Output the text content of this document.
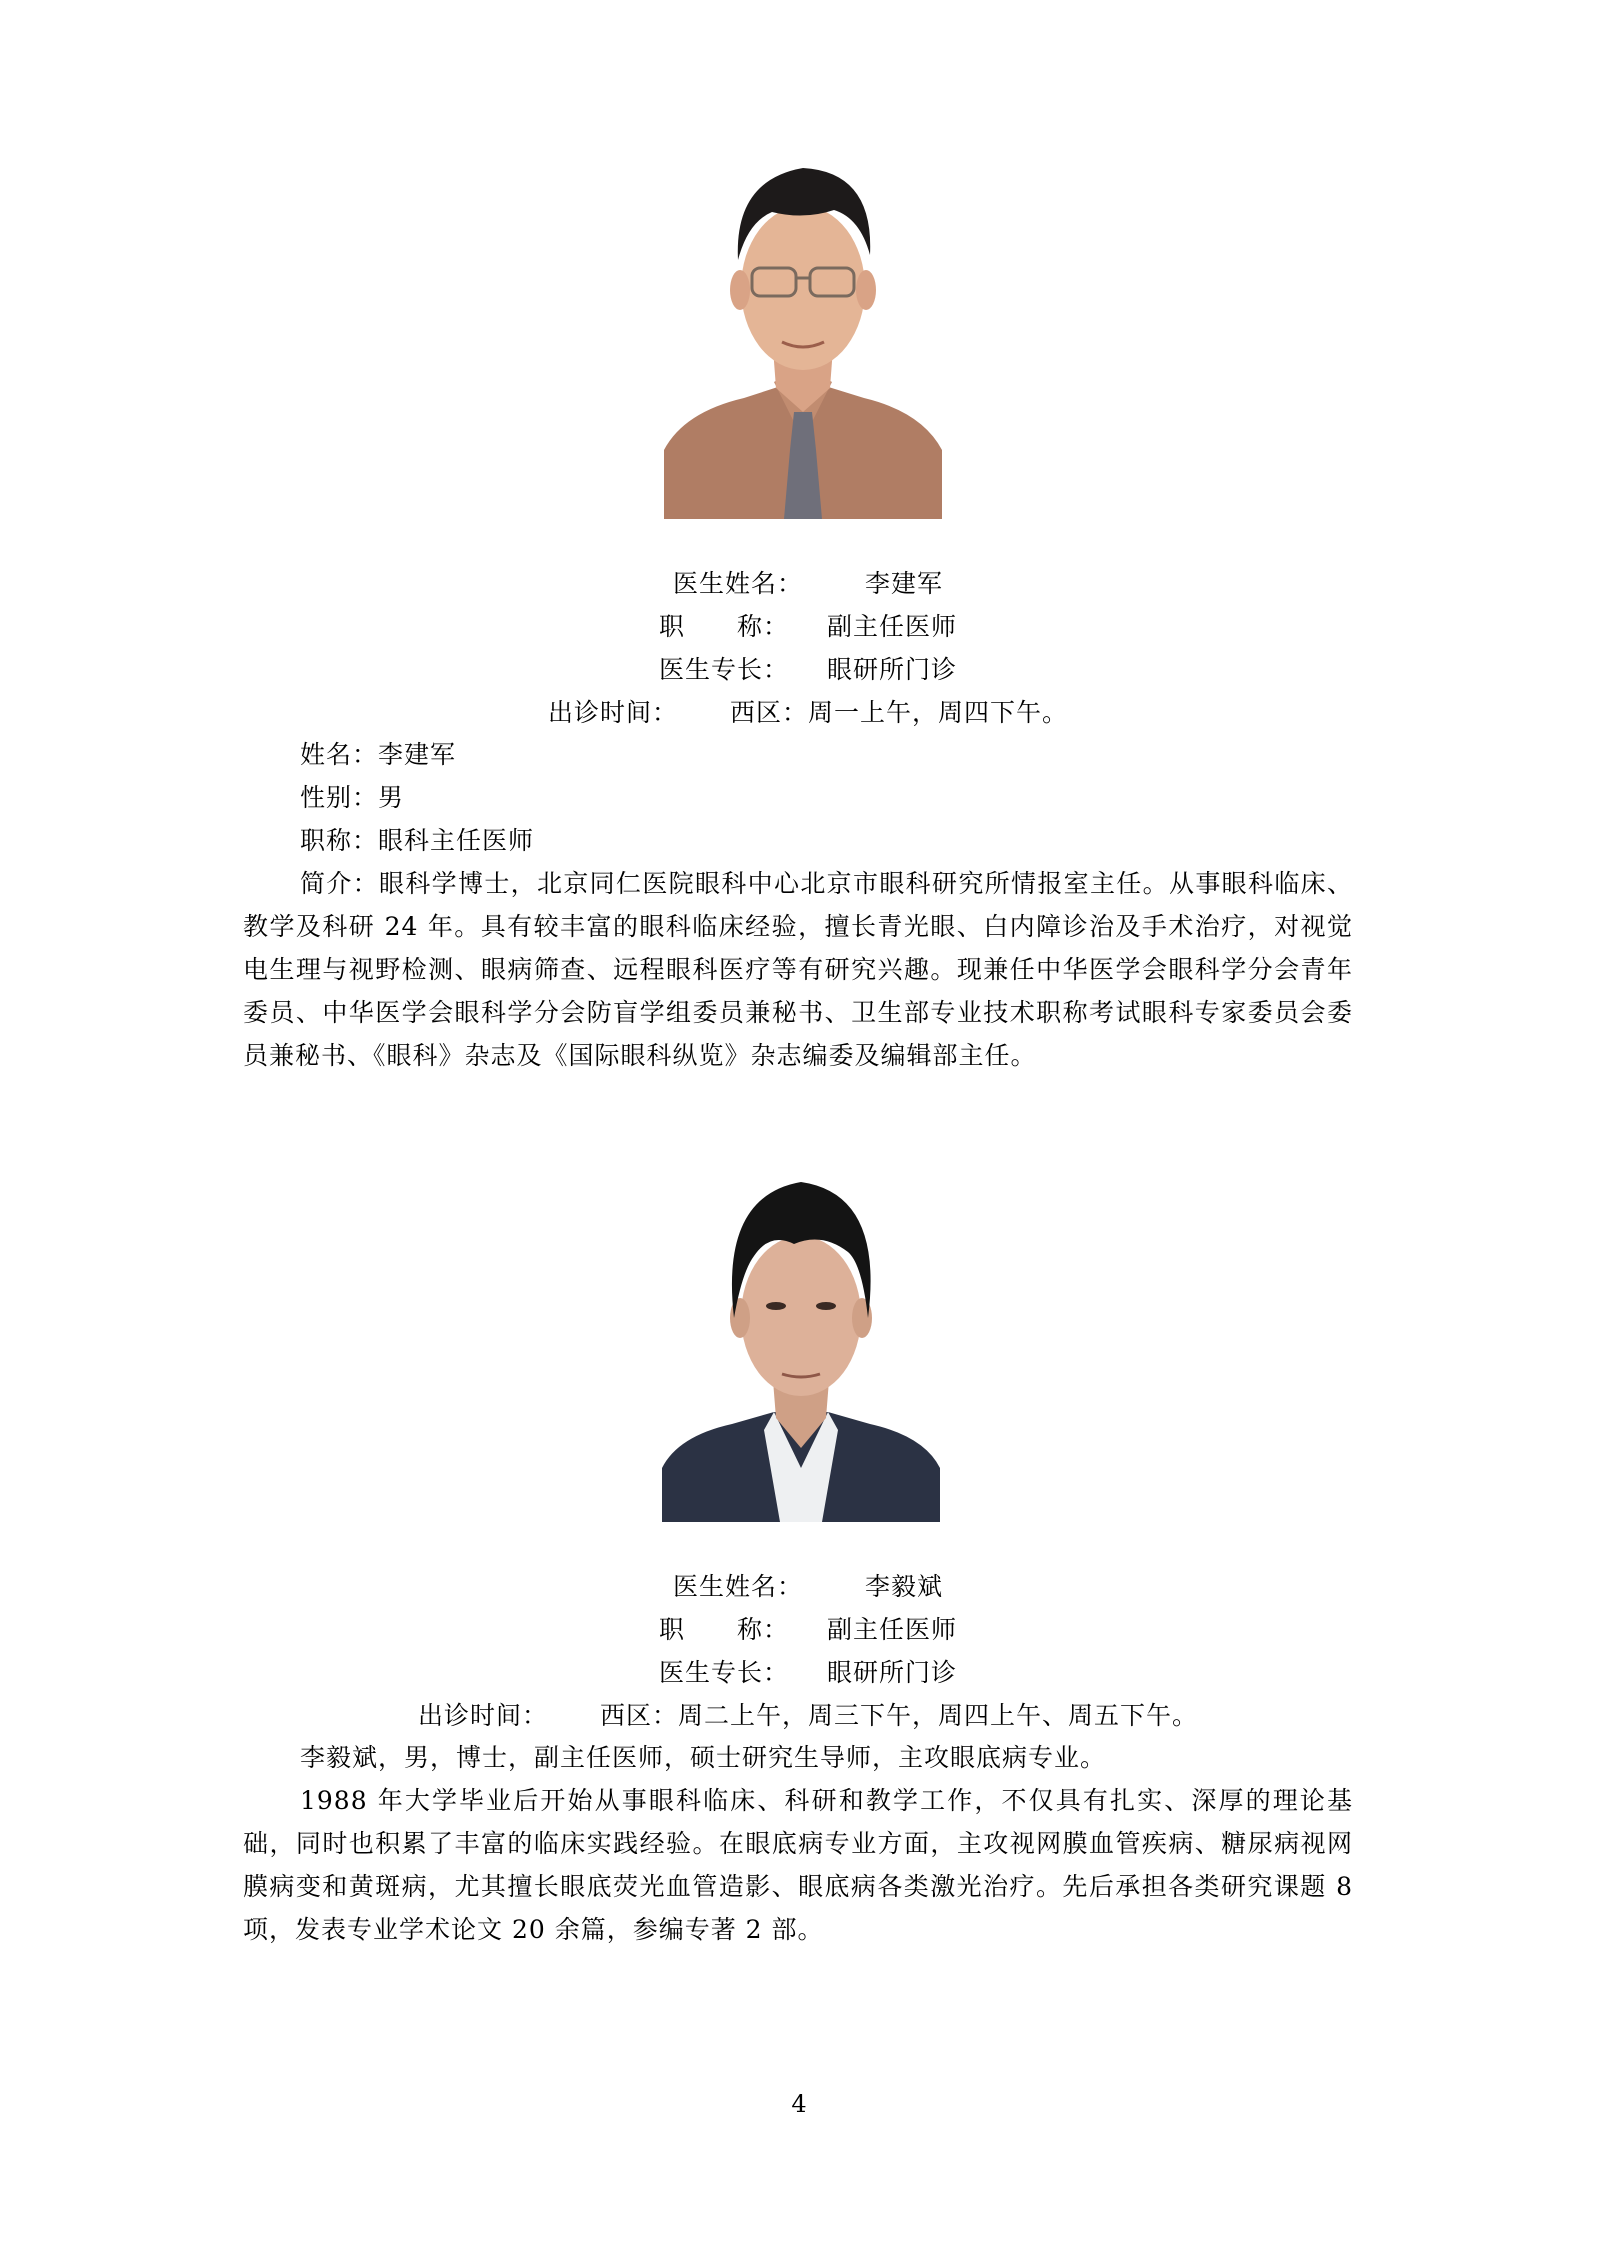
医生姓名： 李建军

职　　称： 副主任医师

医生专长： 眼研所门诊

出诊时间： 西区：周一上午，周四下午。

姓名：李建军

性别：男

职称：眼科主任医师

简介：眼科学博士，北京同仁医院眼科中心北京市眼科研究所情报室主任。从事眼科临床、教学及科研 24 年。具有较丰富的眼科临床经验，擅长青光眼、白内障诊治及手术治疗，对视觉电生理与视野检测、眼病筛查、远程眼科医疗等有研究兴趣。现兼任中华医学会眼科学分会青年委员、中华医学会眼科学分会防盲学组委员兼秘书、卫生部专业技术职称考试眼科专家委员会委员兼秘书、《眼科》杂志及《国际眼科纵览》杂志编委及编辑部主任。

医生姓名： 李毅斌

职　　称： 副主任医师

医生专长： 眼研所门诊

出诊时间： 西区：周二上午，周三下午，周四上午、周五下午。

李毅斌，男，博士，副主任医师，硕士研究生导师，主攻眼底病专业。

1988 年大学毕业后开始从事眼科临床、科研和教学工作，不仅具有扎实、深厚的理论基础，同时也积累了丰富的临床实践经验。在眼底病专业方面，主攻视网膜血管疾病、糖尿病视网膜病变和黄斑病，尤其擅长眼底荧光血管造影、眼底病各类激光治疗。先后承担各类研究课题 8 项，发表专业学术论文 20 余篇，参编专著 2 部。

4
